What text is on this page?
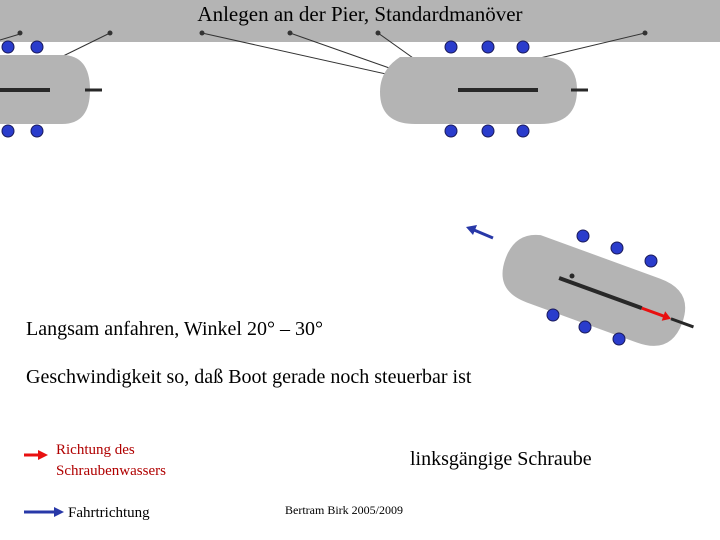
Anlegen an der Pier, Standardmanöver

Langsam anfahren, Winkel 20° – 30°

Geschwindigkeit so, daß Boot gerade noch steuerbar ist

Richtung des Schraubenwassers

Fahrtrichtung

linksgängige Schraube

Bertram Birk 2005/2009
